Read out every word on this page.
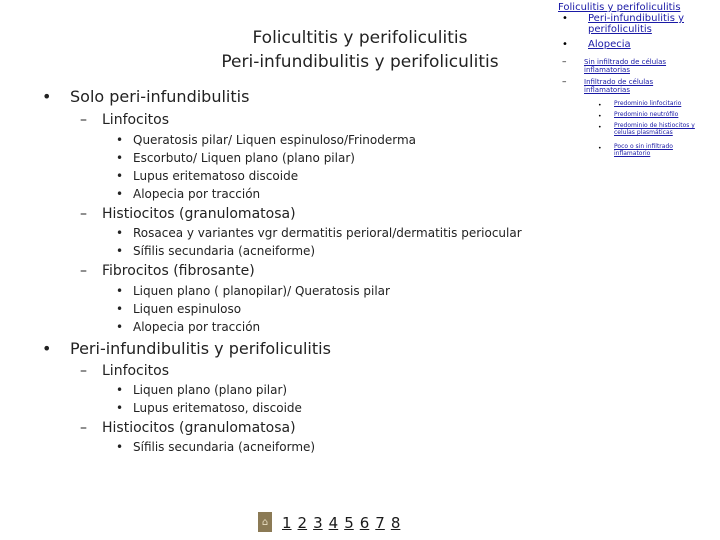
Folicultitis y perifoliculitis
Peri-infundibulitis y perifoliculitis
• Solo peri-infundibulitis
– Linfocitos
• Queratosis pilar/ Liquen espinuloso/Frinoderma
• Escorbuto/ Liquen plano (plano pilar)
• Lupus eritematoso discoide
• Alopecia por tracción
– Histiocitos (granulomatosa)
• Rosacea y variantes vgr dermatitis perioral/dermatitis periocular
• Sífilis secundaria (acneiforme)
– Fibrocitos (fibrosante)
• Liquen plano ( planopilar)/ Queratosis pilar
• Liquen espinuloso
• Alopecia por tracción
• Peri-infundibulitis y perifoliculitis
– Linfocitos
• Liquen plano (plano pilar)
• Lupus eritematoso, discoide
– Histiocitos (granulomatosa)
• Sífilis secundaria (acneiforme)
Foliculitis y perifoliculitis
• Peri-infundibulitis y perifoliculitis
• Alopecia
–	Sin infiltrado de células inflamatorias
–	Infiltrado de células inflamatorias
• Predominio linfocitario
• Predominio neutrófilo
• Predominio de histiocitos y celulas plasmáticas
• Poco o sin infiltrado inflamatorio
⌂ 1 2 3 4 5 6 7 8
